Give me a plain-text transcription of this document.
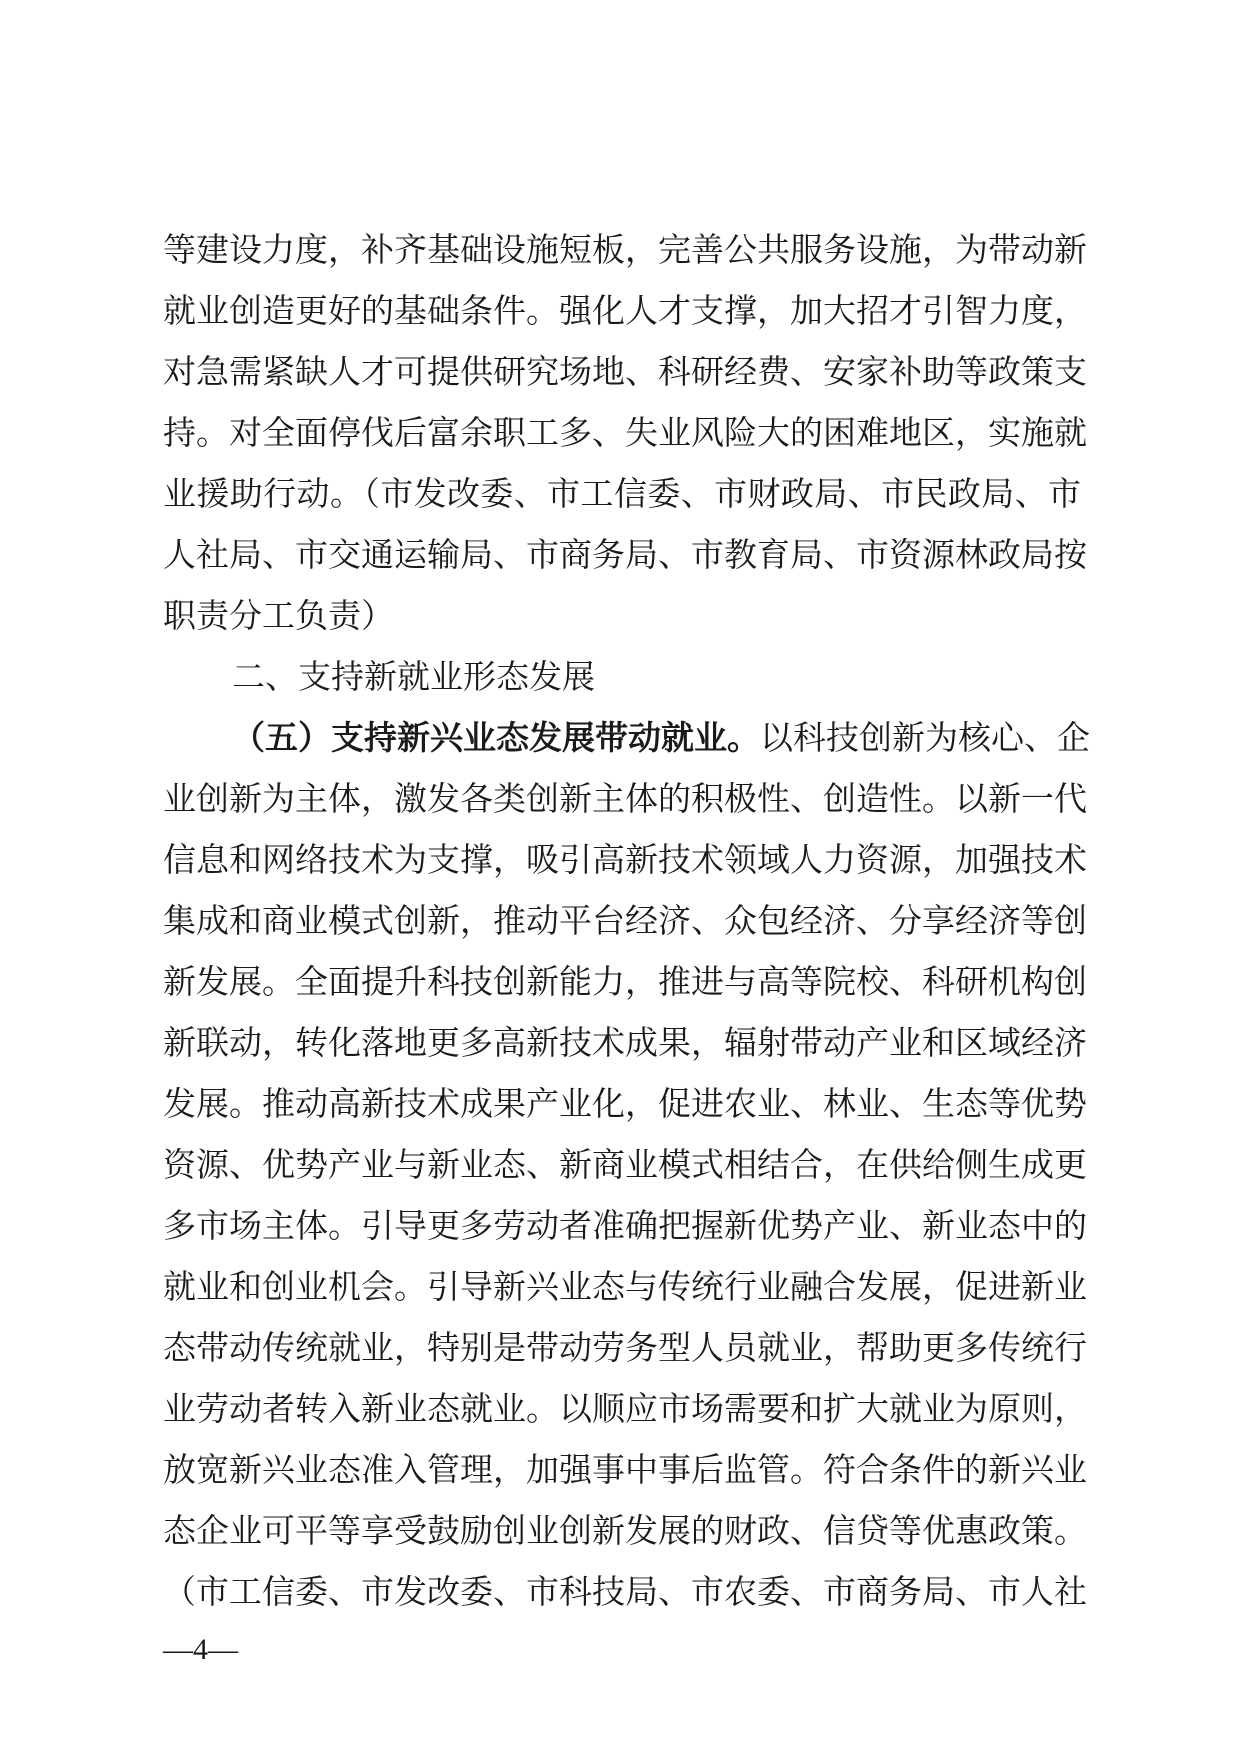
等建设力度，补齐基础设施短板，完善公共服务设施，为带动新
就业创造更好的基础条件。强化人才支撑，加大招才引智力度，
对急需紧缺人才可提供研究场地、科研经费、安家补助等政策支
持。对全面停伐后富余职工多、失业风险大的困难地区，实施就
业援助行动。（市发改委、市工信委、市财政局、市民政局、市
人社局、市交通运输局、市商务局、市教育局、市资源林政局按
职责分工负责）
二、支持新就业形态发展
（五）支持新兴业态发展带动就业。以科技创新为核心、企
业创新为主体，激发各类创新主体的积极性、创造性。以新一代
信息和网络技术为支撑，吸引高新技术领域人力资源，加强技术
集成和商业模式创新，推动平台经济、众包经济、分享经济等创
新发展。全面提升科技创新能力，推进与高等院校、科研机构创
新联动，转化落地更多高新技术成果，辐射带动产业和区域经济
发展。推动高新技术成果产业化，促进农业、林业、生态等优势
资源、优势产业与新业态、新商业模式相结合，在供给侧生成更
多市场主体。引导更多劳动者准确把握新优势产业、新业态中的
就业和创业机会。引导新兴业态与传统行业融合发展，促进新业
态带动传统就业，特别是带动劳务型人员就业，帮助更多传统行
业劳动者转入新业态就业。以顺应市场需要和扩大就业为原则，
放宽新兴业态准入管理，加强事中事后监管。符合条件的新兴业
态企业可平等享受鼓励创业创新发展的财政、信贷等优惠政策。
（市工信委、市发改委、市科技局、市农委、市商务局、市人社
—4—
